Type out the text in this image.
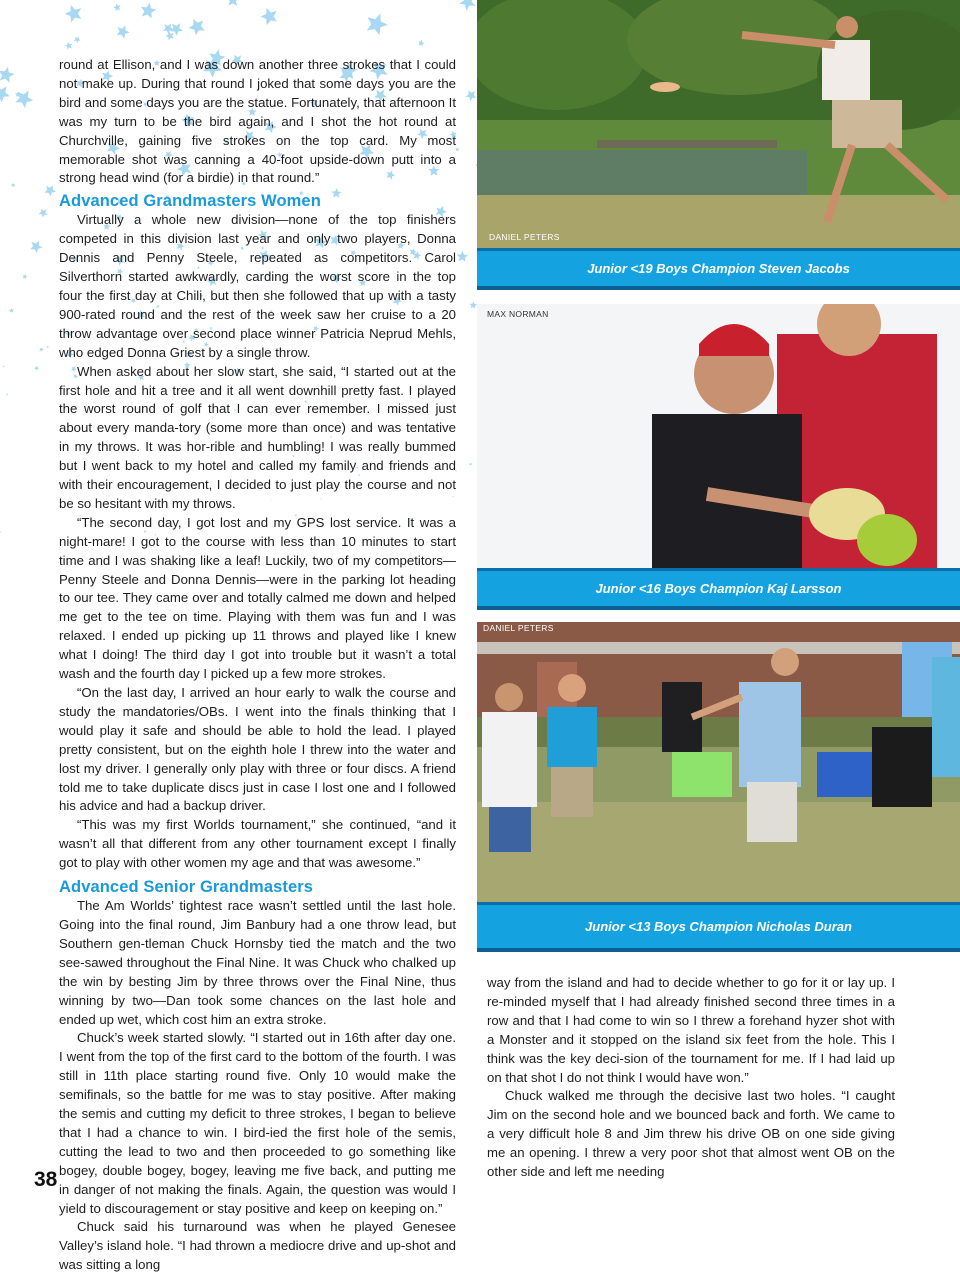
round at Ellison, and I was down another three strokes that I could not make up. During that round I joked that some days you are the bird and some days you are the statue. Fortunately, that afternoon It was my turn to be the bird again, and I shot the hot round at Churchville, gaining five strokes on the top card. My most memorable shot was canning a 40-foot upside-down putt into a strong head wind (for a birdie) in that round.”

Advanced Grandmasters Women

Virtually a whole new division—none of the top finishers competed in this division last year and only two players, Donna Dennis and Penny Steele, repeated as competitors. Carol Silverthorn started awkwardly, carding the worst score in the top four the first day at Chili, but then she followed that up with a tasty 900-rated round and the rest of the week saw her cruise to a 20 throw advantage over second place winner Patricia Neprud Mehls, who edged Donna Griest by a single throw.

When asked about her slow start, she said, “I started out at the first hole and hit a tree and it all went downhill pretty fast. I played the worst round of golf that I can ever remember. I missed just about every manda-tory (some more than once) and was tentative in my throws. It was hor-rible and humbling! I was really bummed but I went back to my hotel and called my family and friends and with their encouragement, I decided to just play the course and not be so hesitant with my throws.

“The second day, I got lost and my GPS lost service. It was a night-mare! I got to the course with less than 10 minutes to start time and I was shaking like a leaf! Luckily, two of my competitors—Penny Steele and Donna Dennis—were in the parking lot heading to our tee. They came over and totally calmed me down and helped me get to the tee on time. Playing with them was fun and I was relaxed. I ended up picking up 11 throws and played like I knew what I doing! The third day I got into trouble but it wasn’t a total wash and the fourth day I picked up a few more strokes.

“On the last day, I arrived an hour early to walk the course and study the mandatories/OBs. I went into the finals thinking that I would play it safe and should be able to hold the lead. I played pretty consistent, but on the eighth hole I threw into the water and lost my driver. I generally only play with three or four discs. A friend told me to take duplicate discs just in case I lost one and I followed his advice and had a backup driver.

“This was my first Worlds tournament,” she continued, “and it wasn’t all that different from any other tournament except I finally got to play with other women my age and that was awesome.”

Advanced Senior Grandmasters

The Am Worlds’ tightest race wasn’t settled until the last hole. Going into the final round, Jim Banbury had a one throw lead, but Southern gen-tleman Chuck Hornsby tied the match and the two see-sawed throughout the Final Nine. It was Chuck who chalked up the win by besting Jim by three throws over the Final Nine, thus winning by two—Dan took some chances on the last hole and ended up wet, which cost him an extra stroke.

Chuck’s week started slowly. “I started out in 16th after day one. I went from the top of the first card to the bottom of the fourth. I was still in 11th place starting round five. Only 10 would make the semifinals, so the battle for me was to stay positive. After making the semis and cutting my deficit to three strokes, I began to believe that I had a chance to win. I bird-ied the first hole of the semis, cutting the lead to two and then proceeded to go something like bogey, double bogey, bogey, leaving me five back, and putting me in danger of not making the finals. Again, the question was would I yield to discouragement or stay positive and keep on keeping on.”

Chuck said his turnaround was when he played Genesee Valley’s island hole. “I had thrown a mediocre drive and up-shot and was sitting a long

DANIEL PETERS
Junior <19 Boys Champion Steven Jacobs
MAX NORMAN
Junior <16 Boys Champion Kaj Larsson
DANIEL PETERS
Junior <13 Boys Champion Nicholas Duran

way from the island and had to decide whether to go for it or lay up. I re-minded myself that I had already finished second three times in a row and that I had come to win so I threw a forehand hyzer shot with a Monster and it stopped on the island six feet from the hole. This I think was the key deci-sion of the tournament for me. If I had laid up on that shot I do not think I would have won.”

Chuck walked me through the decisive last two holes. “I caught Jim on the second hole and we bounced back and forth. We came to a very difficult hole 8 and Jim threw his drive OB on one side giving me an opening. I threw a very poor shot that almost went OB on the other side and left me needing

38
